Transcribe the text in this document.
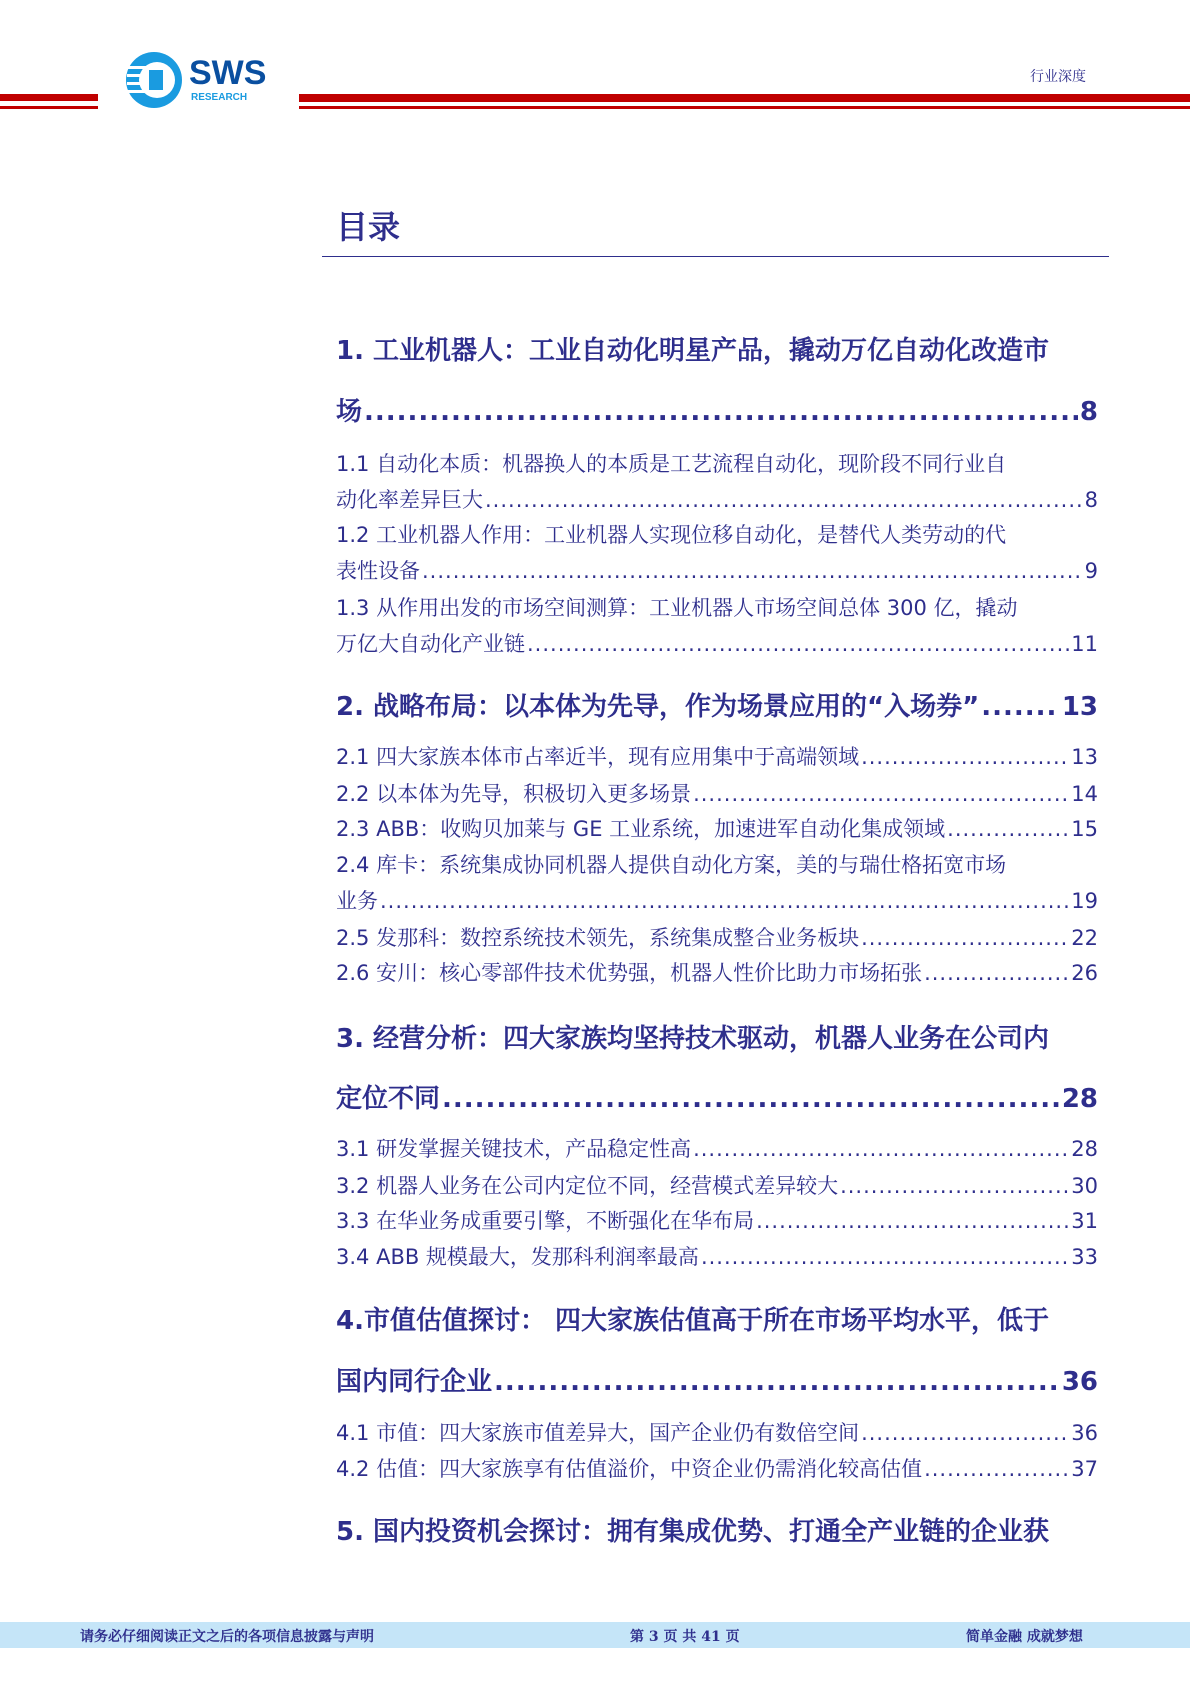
SWS
RESEARCH
行业深度
目录
1. 工业机器人：工业自动化明星产品，撬动万亿自动化改造市
场 .....	8
1.1 自动化本质：机器换人的本质是工艺流程自动化，现阶段不同行业自
动化率差异巨大 .....	8
1.2 工业机器人作用：工业机器人实现位移自动化，是替代人类劳动的代
表性设备 .....	9
1.3 从作用出发的市场空间测算：工业机器人市场空间总体 300 亿，撬动
万亿大自动化产业链 .....	11
2. 战略布局：以本体为先导，作为场景应用的“入场券” .....	13
2.1 四大家族本体市占率近半，现有应用集中于高端领域 .....	13
2.2 以本体为先导，积极切入更多场景 .....	14
2.3 ABB：收购贝加莱与 GE 工业系统，加速进军自动化集成领域 .....	15
2.4 库卡：系统集成协同机器人提供自动化方案，美的与瑞仕格拓宽市场
业务 .....	19
2.5 发那科：数控系统技术领先，系统集成整合业务板块 .....	22
2.6 安川：核心零部件技术优势强，机器人性价比助力市场拓张 .....	26
3. 经营分析：四大家族均坚持技术驱动，机器人业务在公司内
定位不同 .....	28
3.1 研发掌握关键技术，产品稳定性高 .....	28
3.2 机器人业务在公司内定位不同，经营模式差异较大 .....	30
3.3 在华业务成重要引擎，不断强化在华布局 .....	31
3.4 ABB 规模最大，发那科利润率最高 .....	33
4.市值估值探讨： 四大家族估值高于所在市场平均水平，低于
国内同行企业 .....	36
4.1 市值：四大家族市值差异大，国产企业仍有数倍空间 .....	36
4.2 估值：四大家族享有估值溢价，中资企业仍需消化较高估值 .....	37
5. 国内投资机会探讨：拥有集成优势、打通全产业链的企业获
请务必仔细阅读正文之后的各项信息披露与声明	第 3 页 共 41 页	简单金融 成就梦想
